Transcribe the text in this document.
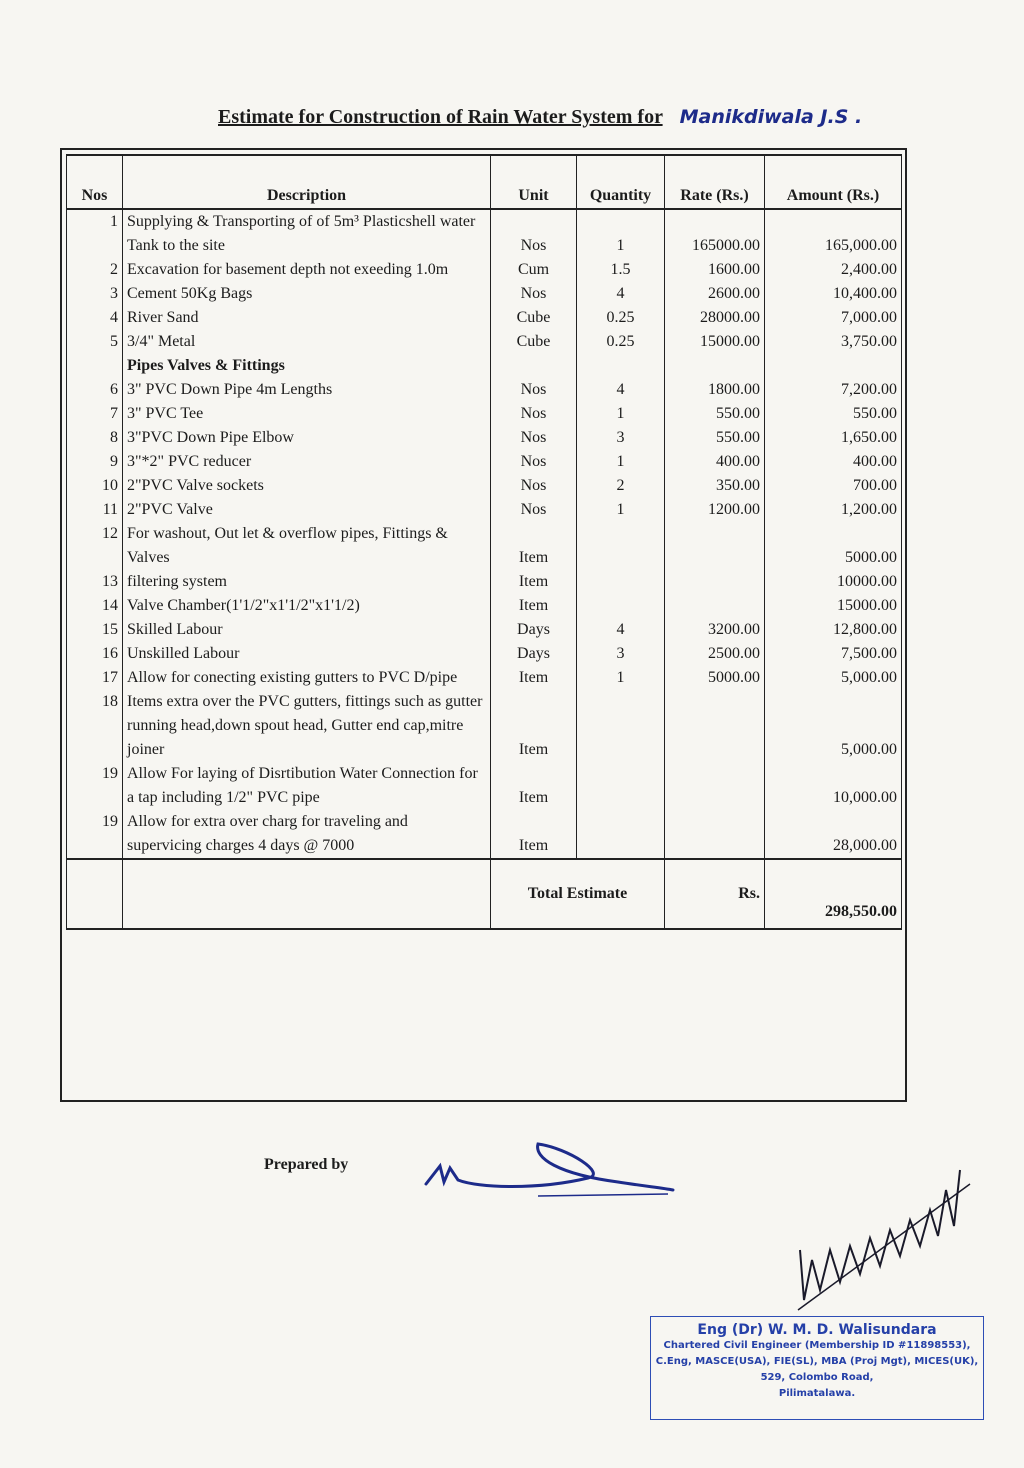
Estimate for Construction of Rain Water System for Manikdiwala J.S .
Nos	Description	Unit	Quantity	Rate (Rs.)	Amount (Rs.)
1	Supplying & Transporting of of 5m³ Plasticshell water Tank to the site	Nos	1	165000.00	165,000.00
2	Excavation for basement depth not exeeding 1.0m	Cum	1.5	1600.00	2,400.00
3	Cement 50Kg Bags	Nos	4	2600.00	10,400.00
4	River Sand	Cube	0.25	28000.00	7,000.00
5	3/4" Metal	Cube	0.25	15000.00	3,750.00
	Pipes Valves & Fittings				
6	3" PVC Down Pipe 4m Lengths	Nos	4	1800.00	7,200.00
7	3" PVC Tee	Nos	1	550.00	550.00
8	3"PVC Down Pipe Elbow	Nos	3	550.00	1,650.00
9	3"*2" PVC reducer	Nos	1	400.00	400.00
10	2"PVC Valve sockets	Nos	2	350.00	700.00
11	2"PVC Valve	Nos	1	1200.00	1,200.00
12	For washout, Out let & overflow pipes, Fittings & Valves	Item			5000.00
13	filtering system	Item			10000.00
14	Valve Chamber(1'1/2"x1'1/2"x1'1/2)	Item			15000.00
15	Skilled Labour	Days	4	3200.00	12,800.00
16	Unskilled Labour	Days	3	2500.00	7,500.00
17	Allow for conecting existing gutters to PVC D/pipe	Item	1	5000.00	5,000.00
18	Items extra over the PVC gutters, fittings such as gutter running head,down spout head, Gutter end cap,mitre joiner	Item			5,000.00
19	Allow For laying of Disrtibution Water Connection for a tap including 1/2" PVC pipe	Item			10,000.00
19	Allow for extra over charg for traveling and supervicing charges 4 days @ 7000	Item			28,000.00
		Total Estimate		Rs.	298,550.00
Prepared by
Eng (Dr) W. M. D. Walisundara
Chartered Civil Engineer (Membership ID #11898553),
C.Eng, MASCE(USA), FIE(SL), MBA (Proj Mgt), MICES(UK),
529, Colombo Road,
Pilimatalawa.
